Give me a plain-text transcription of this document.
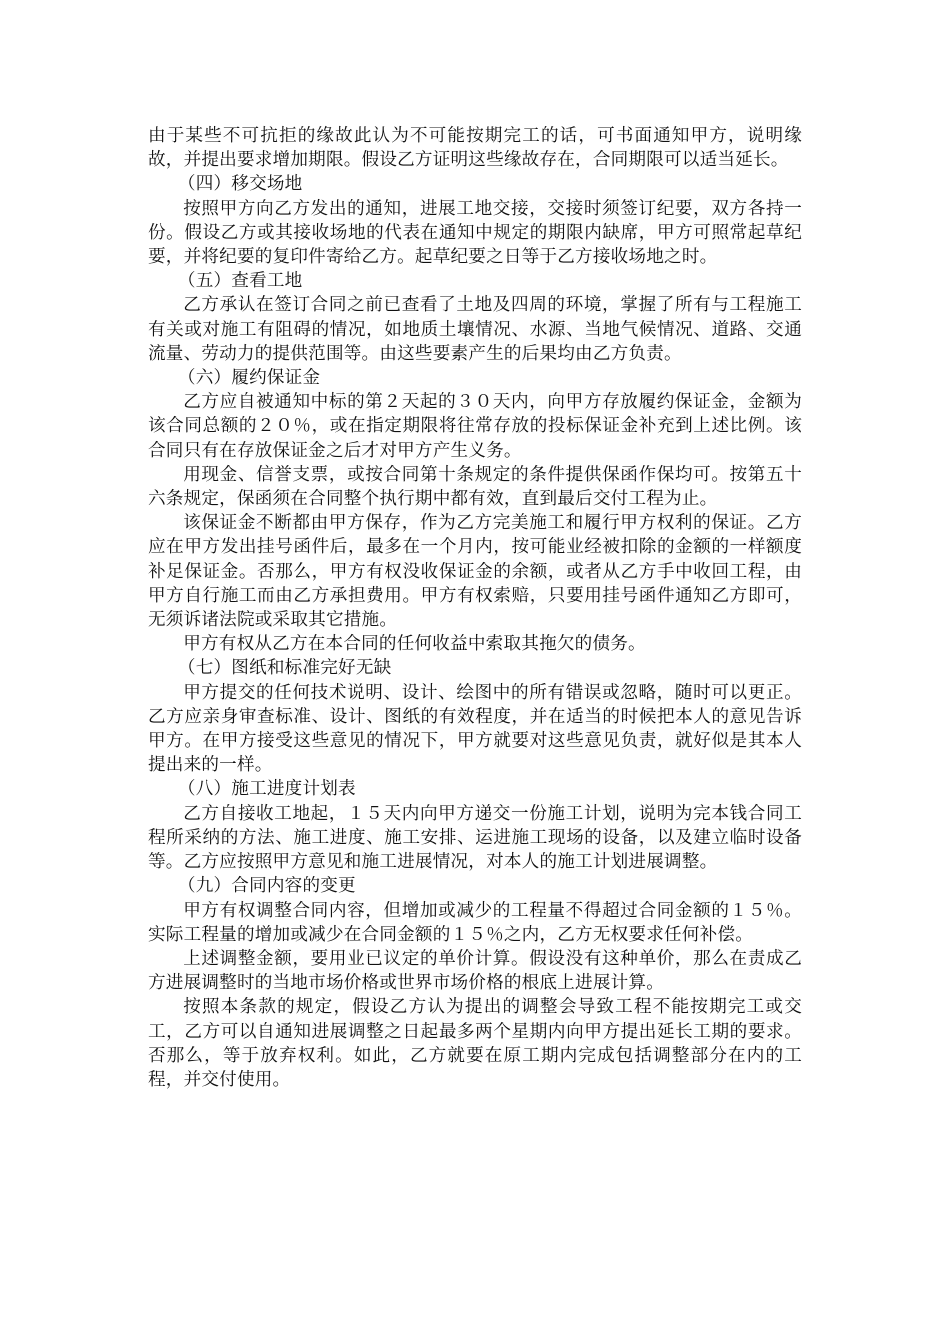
由于某些不可抗拒的缘故此认为不可能按期完工的话，可书面通知甲方，说明缘故，并提出要求增加期限。假设乙方证明这些缘故存在，合同期限可以适当延长。

（四）移交场地

按照甲方向乙方发出的通知，进展工地交接，交接时须签订纪要，双方各持一份。假设乙方或其接收场地的代表在通知中规定的期限内缺席，甲方可照常起草纪要，并将纪要的复印件寄给乙方。起草纪要之日等于乙方接收场地之时。

（五）查看工地

乙方承认在签订合同之前已查看了土地及四周的环境，掌握了所有与工程施工有关或对施工有阻碍的情况，如地质土壤情况、水源、当地气候情况、道路、交通流量、劳动力的提供范围等。由这些要素产生的后果均由乙方负责。

（六）履约保证金

乙方应自被通知中标的第２天起的３０天内，向甲方存放履约保证金，金额为该合同总额的２０％，或在指定期限将往常存放的投标保证金补充到上述比例。该合同只有在存放保证金之后才对甲方产生义务。

用现金、信誉支票，或按合同第十条规定的条件提供保函作保均可。按第五十六条规定，保函须在合同整个执行期中都有效，直到最后交付工程为止。

该保证金不断都由甲方保存，作为乙方完美施工和履行甲方权利的保证。乙方应在甲方发出挂号函件后，最多在一个月内，按可能业经被扣除的金额的一样额度补足保证金。否那么，甲方有权没收保证金的余额，或者从乙方手中收回工程，由甲方自行施工而由乙方承担费用。甲方有权索赔，只要用挂号函件通知乙方即可，无须诉诸法院或采取其它措施。

甲方有权从乙方在本合同的任何收益中索取其拖欠的债务。

（七）图纸和标准完好无缺

甲方提交的任何技术说明、设计、绘图中的所有错误或忽略，随时可以更正。乙方应亲身审查标准、设计、图纸的有效程度，并在适当的时候把本人的意见告诉甲方。在甲方接受这些意见的情况下，甲方就要对这些意见负责，就好似是其本人提出来的一样。

（八）施工进度计划表

乙方自接收工地起，１５天内向甲方递交一份施工计划，说明为完本钱合同工程所采纳的方法、施工进度、施工安排、运进施工现场的设备，以及建立临时设备等。乙方应按照甲方意见和施工进展情况，对本人的施工计划进展调整。

（九）合同内容的变更

甲方有权调整合同内容，但增加或减少的工程量不得超过合同金额的１５％。实际工程量的增加或减少在合同金额的１５％之内，乙方无权要求任何补偿。

上述调整金额，要用业已议定的单价计算。假设没有这种单价，那么在责成乙方进展调整时的当地市场价格或世界市场价格的根底上进展计算。

按照本条款的规定，假设乙方认为提出的调整会导致工程不能按期完工或交工，乙方可以自通知进展调整之日起最多两个星期内向甲方提出延长工期的要求。否那么，等于放弃权利。如此，乙方就要在原工期内完成包括调整部分在内的工程，并交付使用。
